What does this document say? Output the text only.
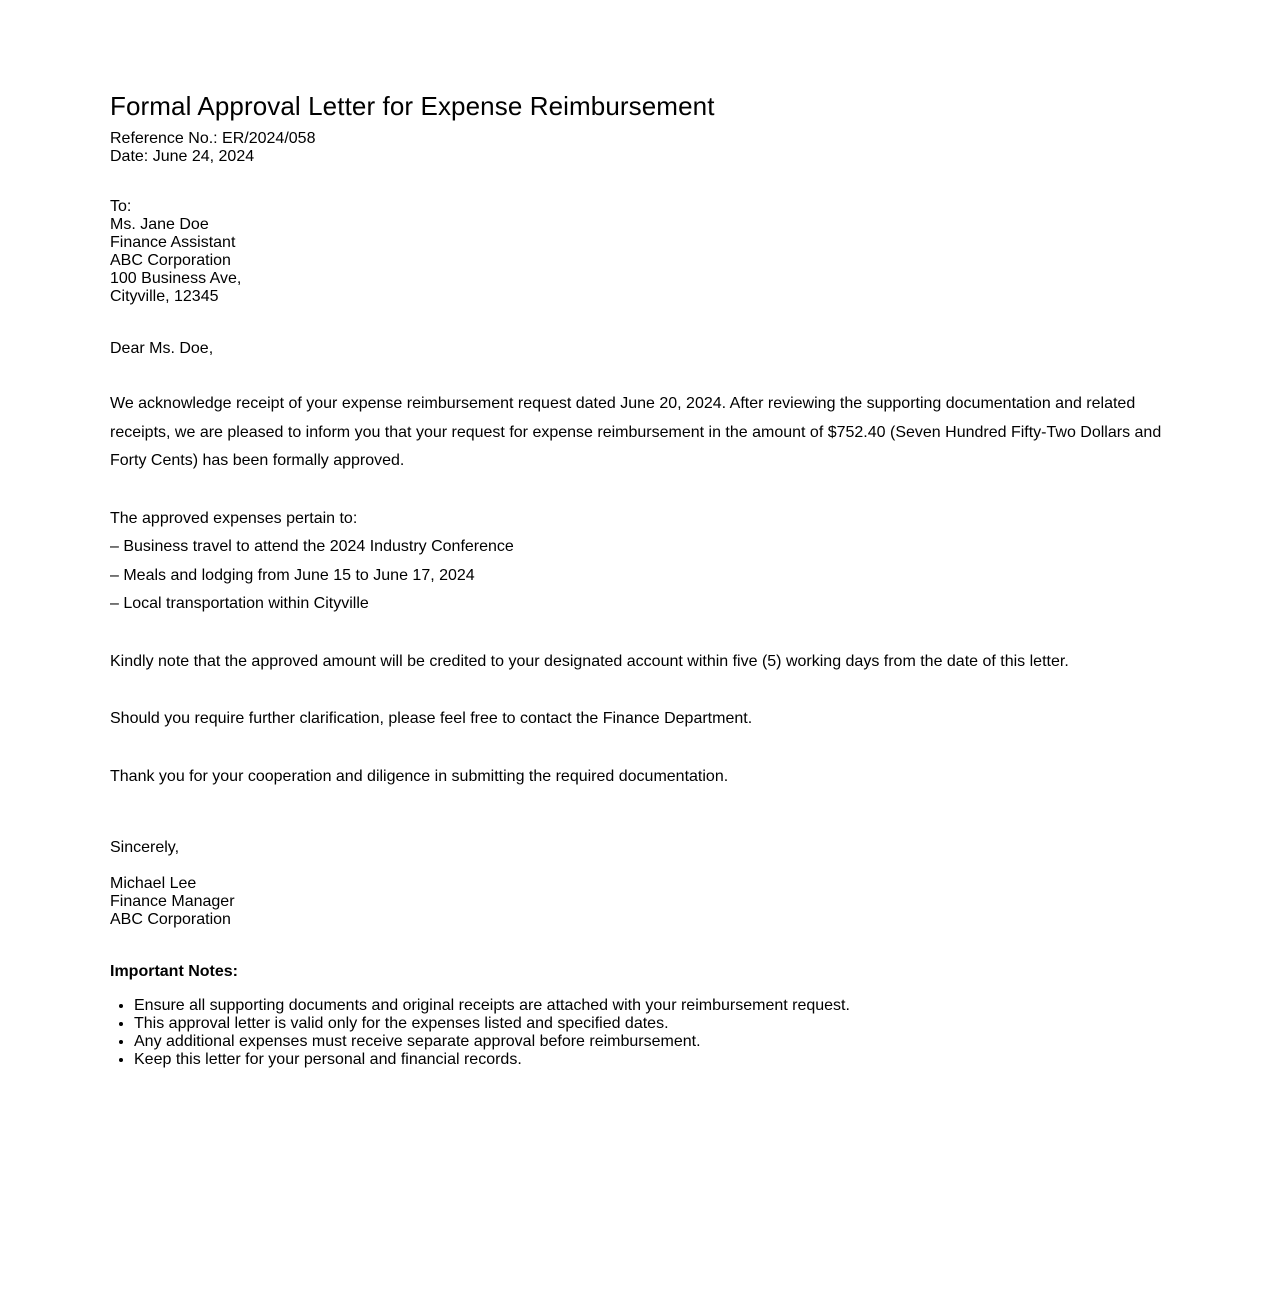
Formal Approval Letter for Expense Reimbursement
Reference No.: ER/2024/058
Date: June 24, 2024
To:
Ms. Jane Doe
Finance Assistant
ABC Corporation
100 Business Ave,
Cityville, 12345
Dear Ms. Doe,

We acknowledge receipt of your expense reimbursement request dated June 20, 2024. After reviewing the supporting documentation and related receipts, we are pleased to inform you that your request for expense reimbursement in the amount of $752.40 (Seven Hundred Fifty-Two Dollars and Forty Cents) has been formally approved.

The approved expenses pertain to:
– Business travel to attend the 2024 Industry Conference
– Meals and lodging from June 15 to June 17, 2024
– Local transportation within Cityville

Kindly note that the approved amount will be credited to your designated account within five (5) working days from the date of this letter.

Should you require further clarification, please feel free to contact the Finance Department.

Thank you for your cooperation and diligence in submitting the required documentation.

Sincerely,
Michael Lee
Finance Manager
ABC Corporation
Important Notes:
• Ensure all supporting documents and original receipts are attached with your reimbursement request.
• This approval letter is valid only for the expenses listed and specified dates.
• Any additional expenses must receive separate approval before reimbursement.
• Keep this letter for your personal and financial records.
